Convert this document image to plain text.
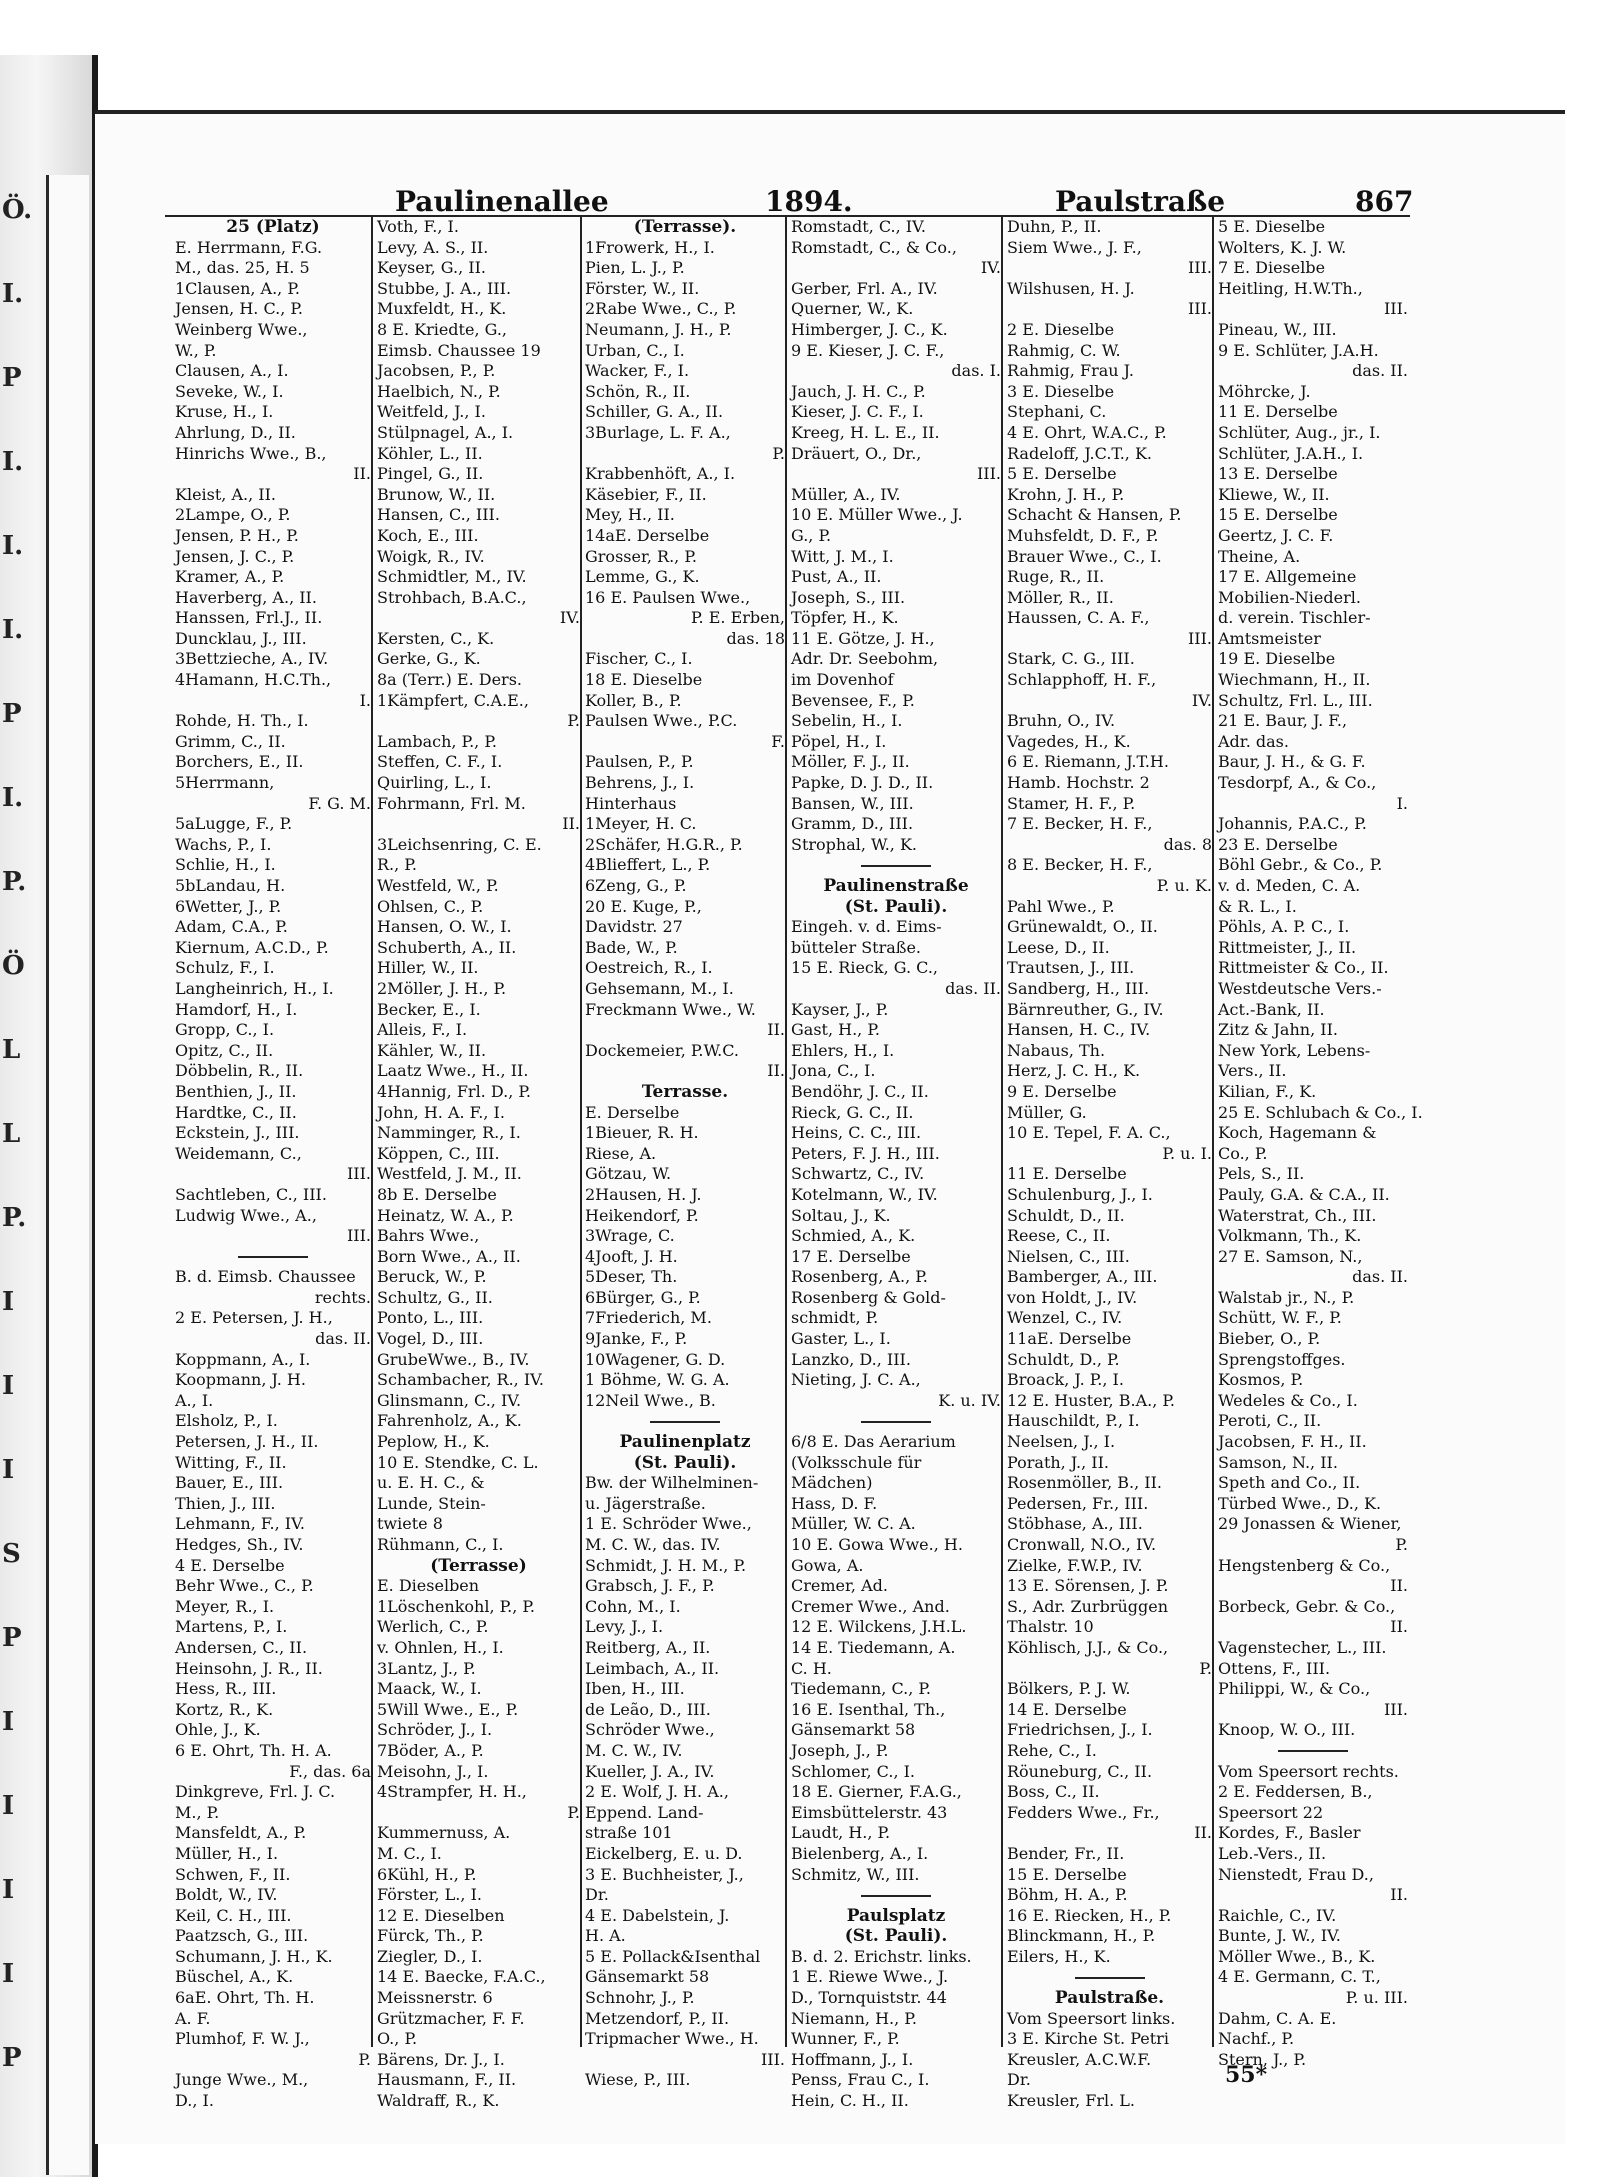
Ö.
I.
P
I.
I.
I.
P
I.
P.
Ö
L
L
P.
I
I
I
S
P
I
I
I
I
P
Paulinenallee	1894.	Paulstraße	867
25 (Platz)
E. Herrmann, F.G.
M., das. 25, H. 5
1Clausen, A., P.
Jensen, H. C., P.
Weinberg Wwe.,
W., P.
Clausen, A., I.
Seveke, W., I.
Kruse, H., I.
Ahrlung, D., II.
Hinrichs Wwe., B.,
II.
Kleist, A., II.
2Lampe, O., P.
Jensen, P. H., P.
Jensen, J. C., P.
Kramer, A., P.
Haverberg, A., II.
Hanssen, Frl.J., II.
Duncklau, J., III.
3Bettzieche, A., IV.
4Hamann, H.C.Th.,
I.
Rohde, H. Th., I.
Grimm, C., II.
Borchers, E., II.
5Herrmann,
F. G. M.
5aLugge, F., P.
Wachs, P., I.
Schlie, H., I.
5bLandau, H.
6Wetter, J., P.
Adam, C.A., P.
Kiernum, A.C.D., P.
Schulz, F., I.
Langheinrich, H., I.
Hamdorf, H., I.
Gropp, C., I.
Opitz, C., II.
Döbbelin, R., II.
Benthien, J., II.
Hardtke, C., II.
Eckstein, J., III.
Weidemann, C.,
III.
Sachtleben, C., III.
Ludwig Wwe., A.,
III.
B. d. Eimsb. Chaussee
rechts.
2 E. Petersen, J. H.,
das. II.
Koppmann, A., I.
Koopmann, J. H.
A., I.
Elsholz, P., I.
Petersen, J. H., II.
Witting, F., II.
Bauer, E., III.
Thien, J., III.
Lehmann, F., IV.
Hedges, Sh., IV.
4 E. Derselbe
Behr Wwe., C., P.
Meyer, R., I.
Martens, P., I.
Andersen, C., II.
Heinsohn, J. R., II.
Hess, R., III.
Kortz, R., K.
Ohle, J., K.
6 E. Ohrt, Th. H. A.
F., das. 6a
Dinkgreve, Frl. J. C.
M., P.
Mansfeldt, A., P.
Müller, H., I.
Schwen, F., II.
Boldt, W., IV.
Keil, C. H., III.
Paatzsch, G., III.
Schumann, J. H., K.
Büschel, A., K.
6aE. Ohrt, Th. H.
A. F.
Plumhof, F. W. J.,
P.
Junge Wwe., M.,
D., I.
Voth, F., I.
Levy, A. S., II.
Keyser, G., II.
Stubbe, J. A., III.
Muxfeldt, H., K.
8 E. Kriedte, G.,
Eimsb. Chaussee 19
Jacobsen, P., P.
Haelbich, N., P.
Weitfeld, J., I.
Stülpnagel, A., I.
Köhler, L., II.
Pingel, G., II.
Brunow, W., II.
Hansen, C., III.
Koch, E., III.
Woigk, R., IV.
Schmidtler, M., IV.
Strohbach, B.A.C.,
IV.
Kersten, C., K.
Gerke, G., K.
8a (Terr.) E. Ders.
1Kämpfert, C.A.E.,
P.
Lambach, P., P.
Steffen, C. F., I.
Quirling, L., I.
Fohrmann, Frl. M.
II.
3Leichsenring, C. E.
R., P.
Westfeld, W., P.
Ohlsen, C., P.
Hansen, O. W., I.
Schuberth, A., II.
Hiller, W., II.
2Möller, J. H., P.
Becker, E., I.
Alleis, F., I.
Kähler, W., II.
Laatz Wwe., H., II.
4Hannig, Frl. D., P.
John, H. A. F., I.
Namminger, R., I.
Köppen, C., III.
Westfeld, J. M., II.
8b E. Derselbe
Heinatz, W. A., P.
Bahrs Wwe.,
Born Wwe., A., II.
Beruck, W., P.
Schultz, G., II.
Ponto, L., III.
Vogel, D., III.
GrubeWwe., B., IV.
Schambacher, R., IV.
Glinsmann, C., IV.
Fahrenholz, A., K.
Peplow, H., K.
10 E. Stendke, C. L.
u. E. H. C., &
Lunde, Stein-
twiete 8
Rühmann, C., I.
(Terrasse)
E. Dieselben
1Löschenkohl, P., P.
Werlich, C., P.
v. Ohnlen, H., I.
3Lantz, J., P.
Maack, W., I.
5Will Wwe., E., P.
Schröder, J., I.
7Böder, A., P.
Meisohn, J., I.
4Strampfer, H. H.,
P.
Kummernuss, A.
M. C., I.
6Kühl, H., P.
Förster, L., I.
12 E. Dieselben
Fürck, Th., P.
Ziegler, D., I.
14 E. Baecke, F.A.C.,
Meissnerstr. 6
Grützmacher, F. F.
O., P.
Bärens, Dr. J., I.
Hausmann, F., II.
Waldraff, R., K.
(Terrasse).
1Frowerk, H., I.
Pien, L. J., P.
Förster, W., II.
2Rabe Wwe., C., P.
Neumann, J. H., P.
Urban, C., I.
Wacker, F., I.
Schön, R., II.
Schiller, G. A., II.
3Burlage, L. F. A.,
P.
Krabbenhöft, A., I.
Käsebier, F., II.
Mey, H., II.
14aE. Derselbe
Grosser, R., P.
Lemme, G., K.
16 E. Paulsen Wwe.,
P. E. Erben,
das. 18
Fischer, C., I.
18 E. Dieselbe
Koller, B., P.
Paulsen Wwe., P.C.
F.
Paulsen, P., P.
Behrens, J., I.
Hinterhaus
1Meyer, H. C.
2Schäfer, H.G.R., P.
4Blieffert, L., P.
6Zeng, G., P.
20 E. Kuge, P.,
Davidstr. 27
Bade, W., P.
Oestreich, R., I.
Gehsemann, M., I.
Freckmann Wwe., W.
II.
Dockemeier, P.W.C.
II.
Terrasse.
E. Derselbe
1Bieuer, R. H.
Riese, A.
Götzau, W.
2Hausen, H. J.
Heikendorf, P.
3Wrage, C.
4Jooft, J. H.
5Deser, Th.
6Bürger, G., P.
7Friederich, M.
9Janke, F., P.
10Wagener, G. D.
1 Böhme, W. G. A.
12Neil Wwe., B.
Paulinenplatz
(St. Pauli).
Bw. der Wilhelminen-
u. Jägerstraße.
1 E. Schröder Wwe.,
M. C. W., das. IV.
Schmidt, J. H. M., P.
Grabsch, J. F., P.
Cohn, M., I.
Levy, J., I.
Reitberg, A., II.
Leimbach, A., II.
Iben, H., III.
de Leão, D., III.
Schröder Wwe.,
M. C. W., IV.
Kueller, J. A., IV.
2 E. Wolf, J. H. A.,
Eppend. Land-
straße 101
Eickelberg, E. u. D.
3 E. Buchheister, J.,
Dr.
4 E. Dabelstein, J.
H. A.
5 E. Pollack&Isenthal
Gänsemarkt 58
Schnohr, J., P.
Metzendorf, P., II.
Tripmacher Wwe., H.
III.
Wiese, P., III.
Romstadt, C., IV.
Romstadt, C., & Co.,
IV.
Gerber, Frl. A., IV.
Querner, W., K.
Himberger, J. C., K.
9 E. Kieser, J. C. F.,
das. I.
Jauch, J. H. C., P.
Kieser, J. C. F., I.
Kreeg, H. L. E., II.
Dräuert, O., Dr.,
III.
Müller, A., IV.
10 E. Müller Wwe., J.
G., P.
Witt, J. M., I.
Pust, A., II.
Joseph, S., III.
Töpfer, H., K.
11 E. Götze, J. H.,
Adr. Dr. Seebohm,
im Dovenhof
Bevensee, F., P.
Sebelin, H., I.
Pöpel, H., I.
Möller, F. J., II.
Papke, D. J. D., II.
Bansen, W., III.
Gramm, D., III.
Strophal, W., K.
Paulinenstraße
(St. Pauli).
Eingeh. v. d. Eims-
bütteler Straße.
15 E. Rieck, G. C.,
das. II.
Kayser, J., P.
Gast, H., P.
Ehlers, H., I.
Jona, C., I.
Bendöhr, J. C., II.
Rieck, G. C., II.
Heins, C. C., III.
Peters, F. J. H., III.
Schwartz, C., IV.
Kotelmann, W., IV.
Soltau, J., K.
Schmied, A., K.
17 E. Derselbe
Rosenberg, A., P.
Rosenberg & Gold-
schmidt, P.
Gaster, L., I.
Lanzko, D., III.
Nieting, J. C. A.,
K. u. IV.
6/8 E. Das Aerarium
(Volksschule für
Mädchen)
Hass, D. F.
Müller, W. C. A.
10 E. Gowa Wwe., H.
Gowa, A.
Cremer, Ad.
Cremer Wwe., And.
12 E. Wilckens, J.H.L.
14 E. Tiedemann, A.
C. H.
Tiedemann, C., P.
16 E. Isenthal, Th.,
Gänsemarkt 58
Joseph, J., P.
Schlomer, C., I.
18 E. Gierner, F.A.G.,
Eimsbüttelerstr. 43
Laudt, H., P.
Bielenberg, A., I.
Schmitz, W., III.
Paulsplatz
(St. Pauli).
B. d. 2. Erichstr. links.
1 E. Riewe Wwe., J.
D., Tornquiststr. 44
Niemann, H., P.
Wunner, F., P.
Hoffmann, J., I.
Penss, Frau C., I.
Hein, C. H., II.
Duhn, P., II.
Siem Wwe., J. F.,
III.
Wilshusen, H. J.
III.
2 E. Dieselbe
Rahmig, C. W.
Rahmig, Frau J.
3 E. Dieselbe
Stephani, C.
4 E. Ohrt, W.A.C., P.
Radeloff, J.C.T., K.
5 E. Derselbe
Krohn, J. H., P.
Schacht & Hansen, P.
Muhsfeldt, D. F., P.
Brauer Wwe., C., I.
Ruge, R., II.
Möller, R., II.
Haussen, C. A. F.,
III.
Stark, C. G., III.
Schlapphoff, H. F.,
IV.
Bruhn, O., IV.
Vagedes, H., K.
6 E. Riemann, J.T.H.
Hamb. Hochstr. 2
Stamer, H. F., P.
7 E. Becker, H. F.,
das. 8
8 E. Becker, H. F.,
P. u. K.
Pahl Wwe., P.
Grünewaldt, O., II.
Leese, D., II.
Trautsen, J., III.
Sandberg, H., III.
Bärnreuther, G., IV.
Hansen, H. C., IV.
Nabaus, Th.
Herz, J. C. H., K.
9 E. Derselbe
Müller, G.
10 E. Tepel, F. A. C.,
P. u. I.
11 E. Derselbe
Schulenburg, J., I.
Schuldt, D., II.
Reese, C., II.
Nielsen, C., III.
Bamberger, A., III.
von Holdt, J., IV.
Wenzel, C., IV.
11aE. Derselbe
Schuldt, D., P.
Broack, J. P., I.
12 E. Huster, B.A., P.
Hauschildt, P., I.
Neelsen, J., I.
Porath, J., II.
Rosenmöller, B., II.
Pedersen, Fr., III.
Stöbhase, A., III.
Cronwall, N.O., IV.
Zielke, F.W.P., IV.
13 E. Sörensen, J. P.
S., Adr. Zurbrüggen
Thalstr. 10
Köhlisch, J.J., & Co.,
P.
Bölkers, P. J. W.
14 E. Derselbe
Friedrichsen, J., I.
Rehe, C., I.
Röuneburg, C., II.
Boss, C., II.
Fedders Wwe., Fr.,
II.
Bender, Fr., II.
15 E. Derselbe
Böhm, H. A., P.
16 E. Riecken, H., P.
Blinckmann, H., P.
Eilers, H., K.
Paulstraße.
Vom Speersort links.
3 E. Kirche St. Petri
Kreusler, A.C.W.F.
Dr.
Kreusler, Frl. L.
5 E. Dieselbe
Wolters, K. J. W.
7 E. Dieselbe
Heitling, H.W.Th.,
III.
Pineau, W., III.
9 E. Schlüter, J.A.H.
das. II.
Möhrcke, J.
11 E. Derselbe
Schlüter, Aug., jr., I.
Schlüter, J.A.H., I.
13 E. Derselbe
Kliewe, W., II.
15 E. Derselbe
Geertz, J. C. F.
Theine, A.
17 E. Allgemeine
Mobilien-Niederl.
d. verein. Tischler-
Amtsmeister
19 E. Dieselbe
Wiechmann, H., II.
Schultz, Frl. L., III.
21 E. Baur, J. F.,
Adr. das.
Baur, J. H., & G. F.
Tesdorpf, A., & Co.,
I.
Johannis, P.A.C., P.
23 E. Derselbe
Böhl Gebr., & Co., P.
v. d. Meden, C. A.
& R. L., I.
Pöhls, A. P. C., I.
Rittmeister, J., II.
Rittmeister & Co., II.
Westdeutsche Vers.-
Act.-Bank, II.
Zitz & Jahn, II.
New York, Lebens-
Vers., II.
Kilian, F., K.
25 E. Schlubach & Co., I.
Koch, Hagemann &
Co., P.
Pels, S., II.
Pauly, G.A. & C.A., II.
Waterstrat, Ch., III.
Volkmann, Th., K.
27 E. Samson, N.,
das. II.
Walstab jr., N., P.
Schütt, W. F., P.
Bieber, O., P.
Sprengstoffges.
Kosmos, P.
Wedeles & Co., I.
Peroti, C., II.
Jacobsen, F. H., II.
Samson, N., II.
Speth and Co., II.
Türbed Wwe., D., K.
29 Jonassen & Wiener,
P.
Hengstenberg & Co.,
II.
Borbeck, Gebr. & Co.,
II.
Vagenstecher, L., III.
Ottens, F., III.
Philippi, W., & Co.,
III.
Knoop, W. O., III.
Vom Speersort rechts.
2 E. Feddersen, B.,
Speersort 22
Kordes, F., Basler
Leb.-Vers., II.
Nienstedt, Frau D.,
II.
Raichle, C., IV.
Bunte, J. W., IV.
Möller Wwe., B., K.
4 E. Germann, C. T.,
P. u. III.
Dahm, C. A. E.
Nachf., P.
Stern, J., P.
55*
